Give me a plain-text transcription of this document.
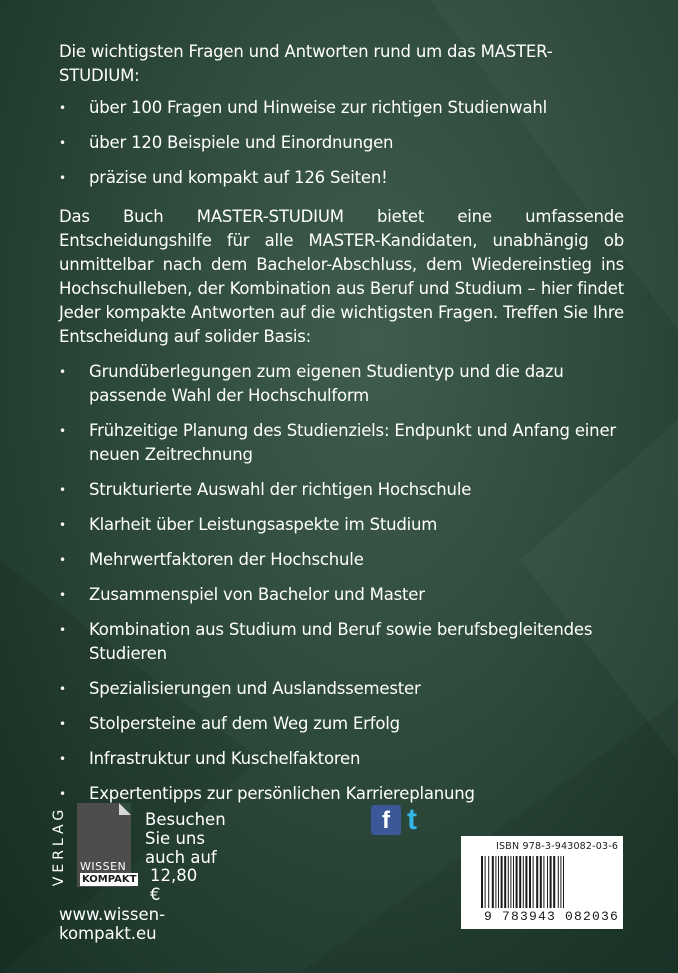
Die wichtigsten Fragen und Antworten rund um das MASTER-STUDIUM:

• über 100 Fragen und Hinweise zur richtigen Studienwahl
• über 120 Beispiele und Einordnungen
• präzise und kompakt auf 126 Seiten!

Das Buch MASTER-STUDIUM bietet eine umfassende Entscheidungshilfe für alle MASTER-Kandidaten, unabhängig ob unmittelbar nach dem Bachelor-Abschluss, dem Wiedereinstieg ins Hochschulleben, der Kombination aus Beruf und Studium – hier findet Jeder kompakte Antworten auf die wichtigsten Fragen. Treffen Sie Ihre Entscheidung auf solider Basis:

• Grundüberlegungen zum eigenen Studientyp und die dazu passende Wahl der Hochschulform
• Frühzeitige Planung des Studienziels: Endpunkt und Anfang einer neuen Zeitrechnung
• Strukturierte Auswahl der richtigen Hochschule
• Klarheit über Leistungsaspekte im Studium
• Mehrwertfaktoren der Hochschule
• Zusammenspiel von Bachelor und Master
• Kombination aus Studium und Beruf sowie berufsbegleitendes Studieren
• Spezialisierungen und Auslandssemester
• Stolpersteine auf dem Weg zum Erfolg
• Infrastruktur und Kuschelfaktoren
• Expertentipps zur persönlichen Karriereplanung
VERLAG WISSEN
KOMPAKT
Besuchen Sie uns auch auf
f t
12,80 €
www.wissen-kompakt.eu
ISBN 978-3-943082-03-6
9 783943 082036
